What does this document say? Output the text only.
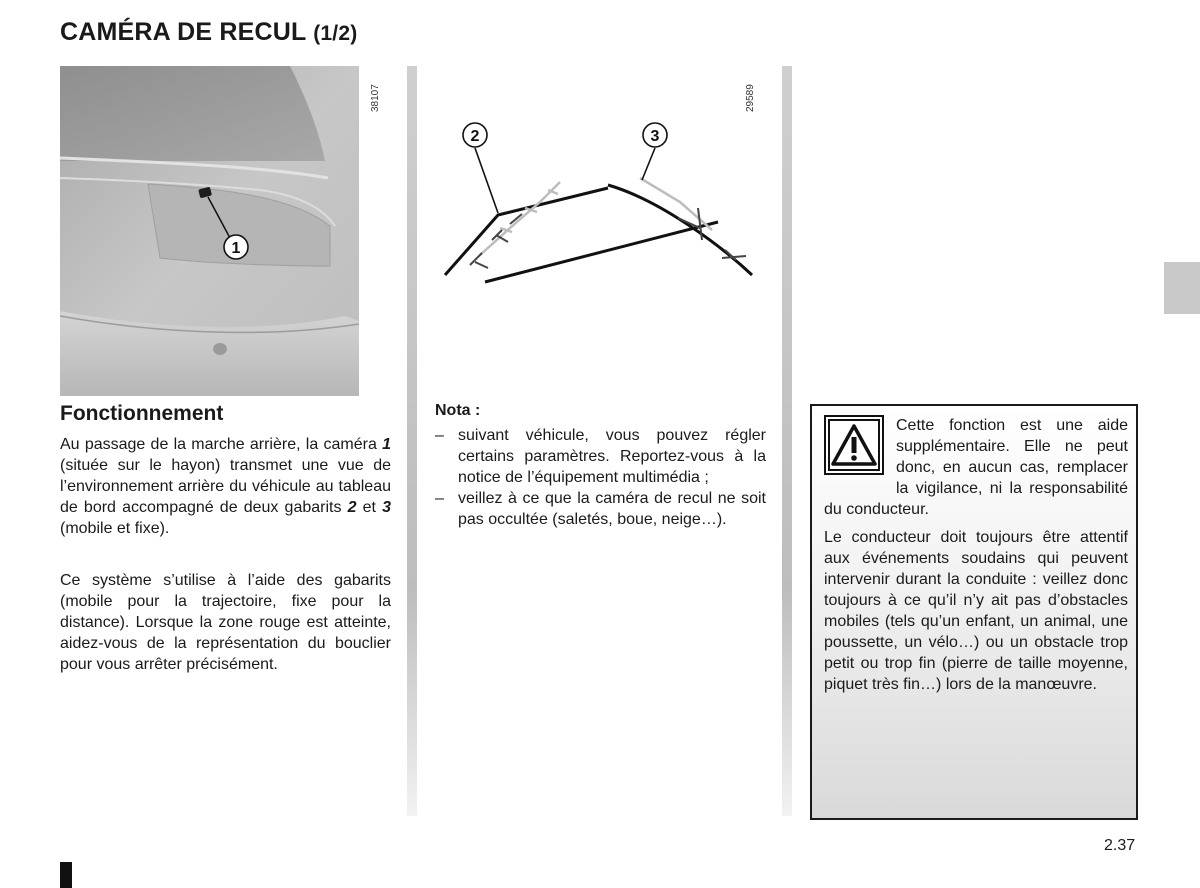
CAMÉRA DE RECUL (1/2)
1
38107
2	3
29589
Fonctionnement

Au passage de la marche arrière, la caméra 1 (située sur le hayon) transmet une vue de l’environnement arrière du véhicule au tableau de bord accompagné de deux gabarits 2 et 3 (mobile et fixe).

Ce système s’utilise à l’aide des gabarits (mobile pour la trajectoire, fixe pour la distance). Lorsque la zone rouge est atteinte, aidez-vous de la représentation du bouclier pour vous arrêter précisément.

Nota :
– suivant véhicule, vous pouvez régler certains paramètres. Reportez-vous à la notice de l’équipement multimédia ;
– veillez à ce que la caméra de recul ne soit pas occultée (saletés, boue, neige…).

Cette fonction est une aide supplémentaire. Elle ne peut donc, en aucun cas, remplacer la vigilance, ni la responsabilité du conducteur.

Le conducteur doit toujours être attentif aux événements soudains qui peuvent intervenir durant la conduite : veillez donc toujours à ce qu’il n’y ait pas d’obstacles mobiles (tels qu’un enfant, un animal, une poussette, un vélo…) ou un obstacle trop petit ou trop fin (pierre de taille moyenne, piquet très fin…) lors de la manœuvre.

2.37
